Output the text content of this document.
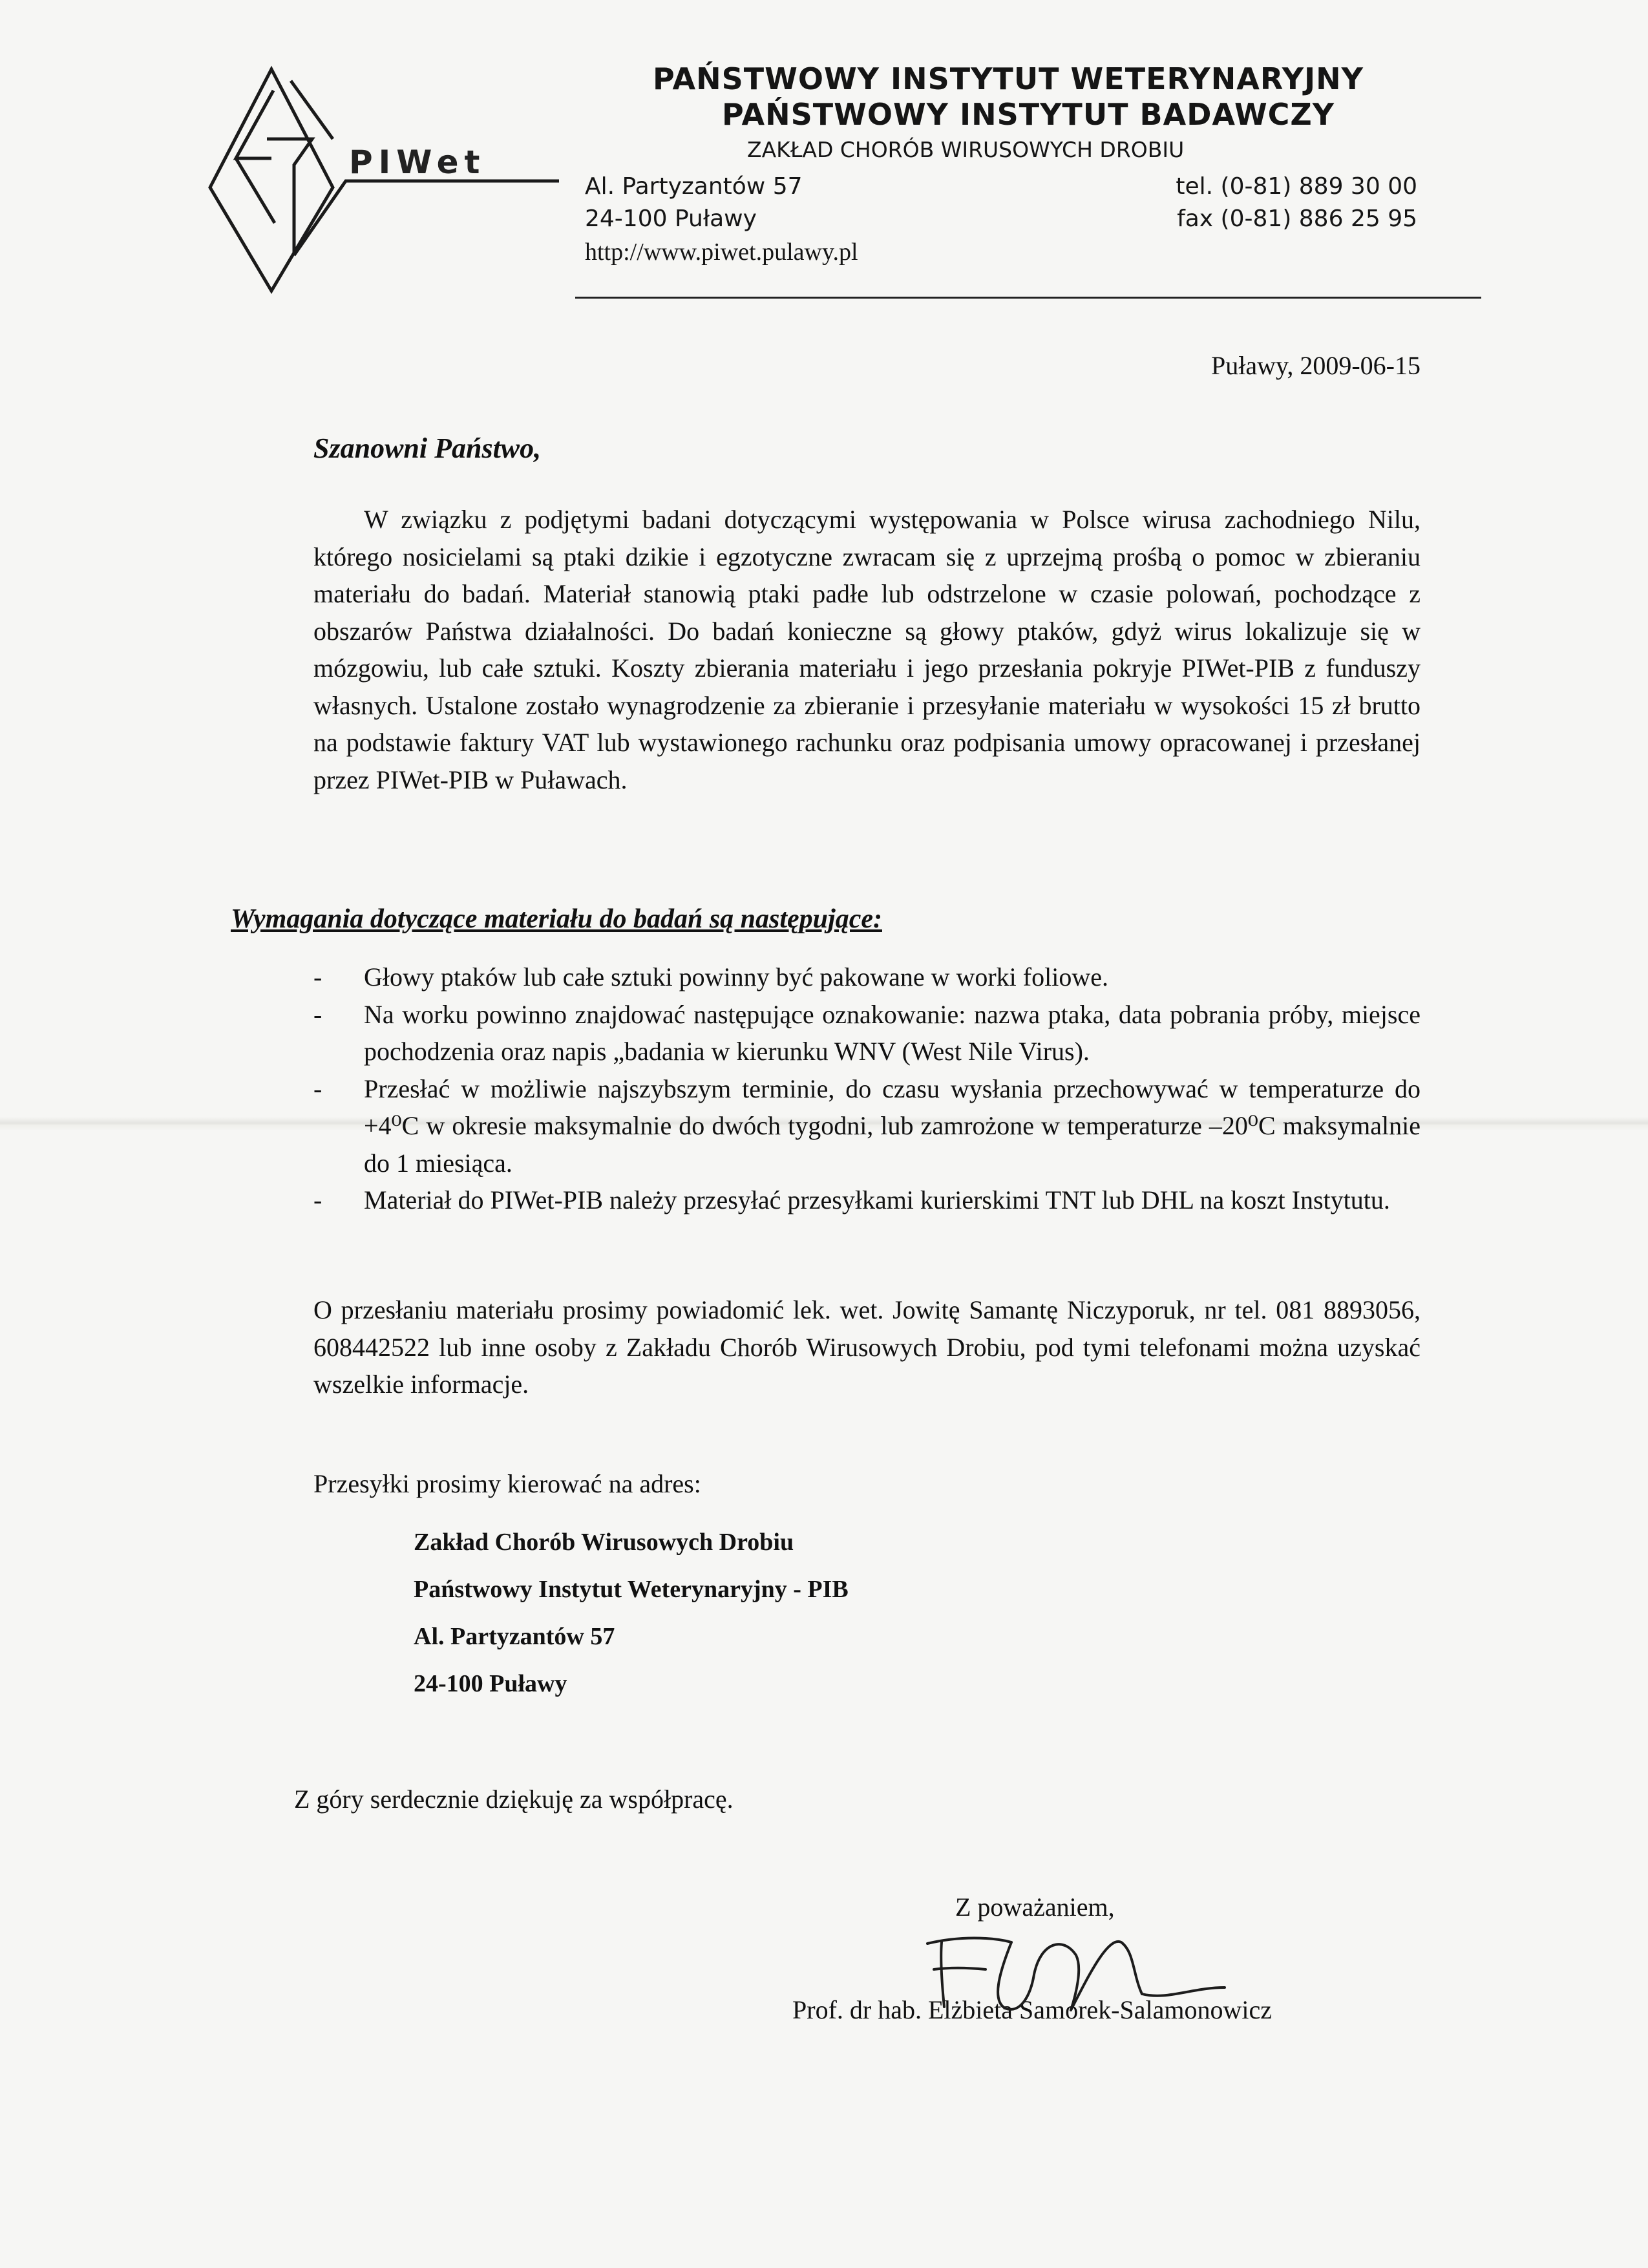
PIWet
PAŃSTWOWY INSTYTUT WETERYNARYJNY
PAŃSTWOWY INSTYTUT BADAWCZY
ZAKŁAD CHORÓB WIRUSOWYCH DROBIU
Al. Partyzantów 57
24-100 Puławy
http://www.piwet.pulawy.pl
tel. (0-81) 889 30 00
fax (0-81) 886 25 95
Puławy, 2009-06-15
Szanowni Państwo,

W związku z podjętymi badani dotyczącymi występowania w Polsce wirusa zachodniego Nilu, którego nosicielami są ptaki dzikie i egzotyczne zwracam się z uprzejmą prośbą o pomoc w zbieraniu materiału do badań. Materiał stanowią ptaki padłe lub odstrzelone w czasie polowań, pochodzące z obszarów Państwa działalności. Do badań konieczne są głowy ptaków, gdyż wirus lokalizuje się w mózgowiu, lub całe sztuki. Koszty zbierania materiału i jego przesłania pokryje PIWet-PIB z funduszy własnych. Ustalone zostało wynagrodzenie za zbieranie i przesyłanie materiału w wysokości 15 zł brutto na podstawie faktury VAT lub wystawionego rachunku oraz podpisania umowy opracowanej i przesłanej przez PIWet-PIB w Puławach.

Wymagania dotyczące materiału do badań są następujące:
- Głowy ptaków lub całe sztuki powinny być pakowane w worki foliowe.
- Na worku powinno znajdować następujące oznakowanie: nazwa ptaka, data pobrania próby, miejsce pochodzenia oraz napis „badania w kierunku WNV (West Nile Virus).
- Przesłać w możliwie najszybszym terminie, do czasu wysłania przechowywać w temperaturze do +4⁰C w okresie maksymalnie do dwóch tygodni, lub zamrożone w temperaturze –20⁰C maksymalnie do 1 miesiąca.
- Materiał do PIWet-PIB należy przesyłać przesyłkami kurierskimi TNT lub DHL na koszt Instytutu.

O przesłaniu materiału prosimy powiadomić lek. wet. Jowitę Samantę Niczyporuk, nr tel. 081 8893056, 608442522 lub inne osoby z Zakładu Chorób Wirusowych Drobiu, pod tymi telefonami można uzyskać wszelkie informacje.

Przesyłki prosimy kierować na adres:
Zakład Chorób Wirusowych Drobiu
Państwowy Instytut Weterynaryjny - PIB
Al. Partyzantów 57
24-100 Puławy
Z góry serdecznie dziękuję za współpracę.
Z poważaniem,
Prof. dr hab. Elżbieta Samorek-Salamonowicz
